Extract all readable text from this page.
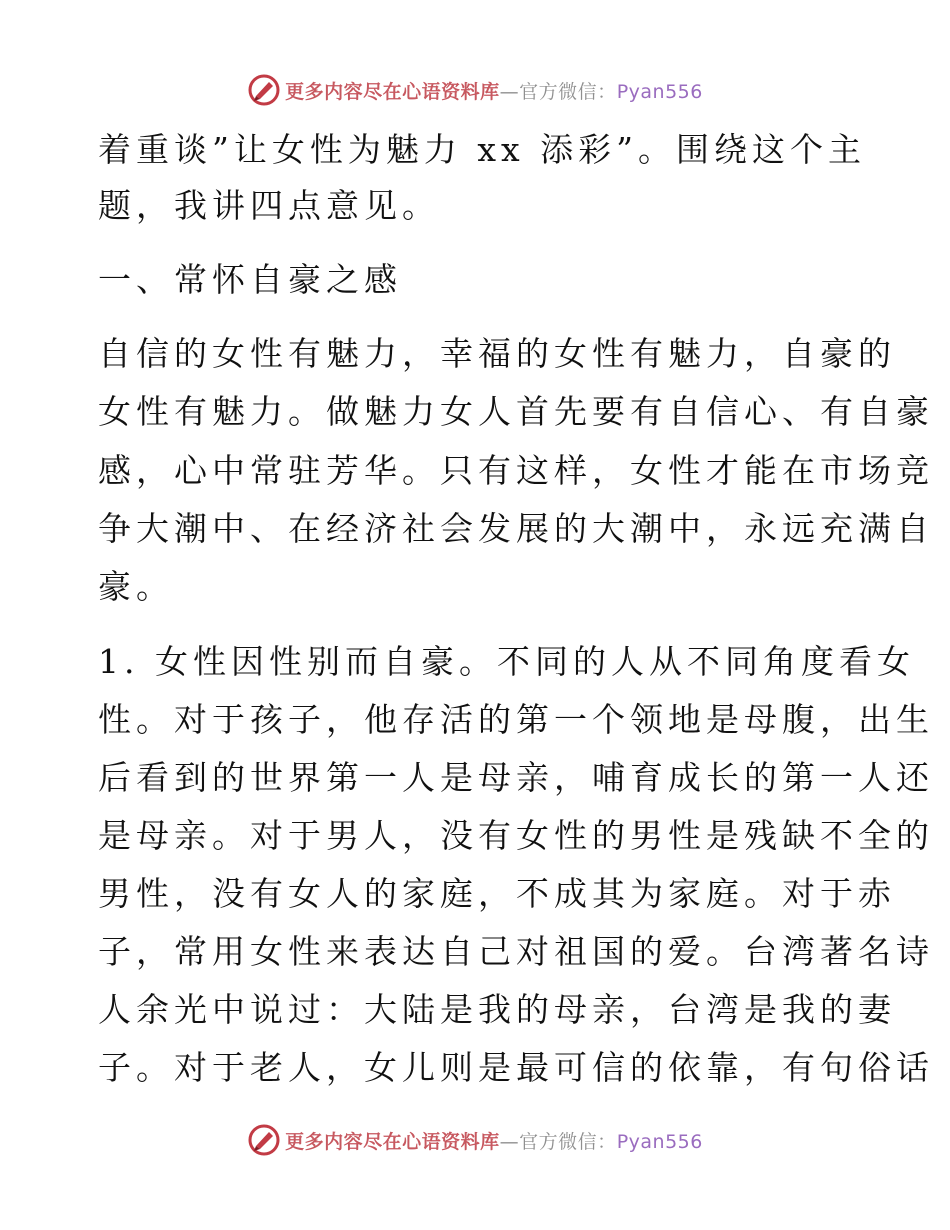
更多内容尽在心语资料库—官方微信：Pyan556
着重谈”让女性为魅力 xx 添彩”。围绕这个主
题，我讲四点意见。
一、常怀自豪之感
自信的女性有魅力，幸福的女性有魅力，自豪的
女性有魅力。做魅力女人首先要有自信心、有自豪
感，心中常驻芳华。只有这样，女性才能在市场竞
争大潮中、在经济社会发展的大潮中，永远充满自
豪。
1. 女性因性别而自豪。不同的人从不同角度看女
性。对于孩子，他存活的第一个领地是母腹，出生
后看到的世界第一人是母亲，哺育成长的第一人还
是母亲。对于男人，没有女性的男性是残缺不全的
男性，没有女人的家庭，不成其为家庭。对于赤
子，常用女性来表达自己对祖国的爱。台湾著名诗
人余光中说过：大陆是我的母亲，台湾是我的妻
子。对于老人，女儿则是最可信的依靠，有句俗话
更多内容尽在心语资料库—官方微信：Pyan556
